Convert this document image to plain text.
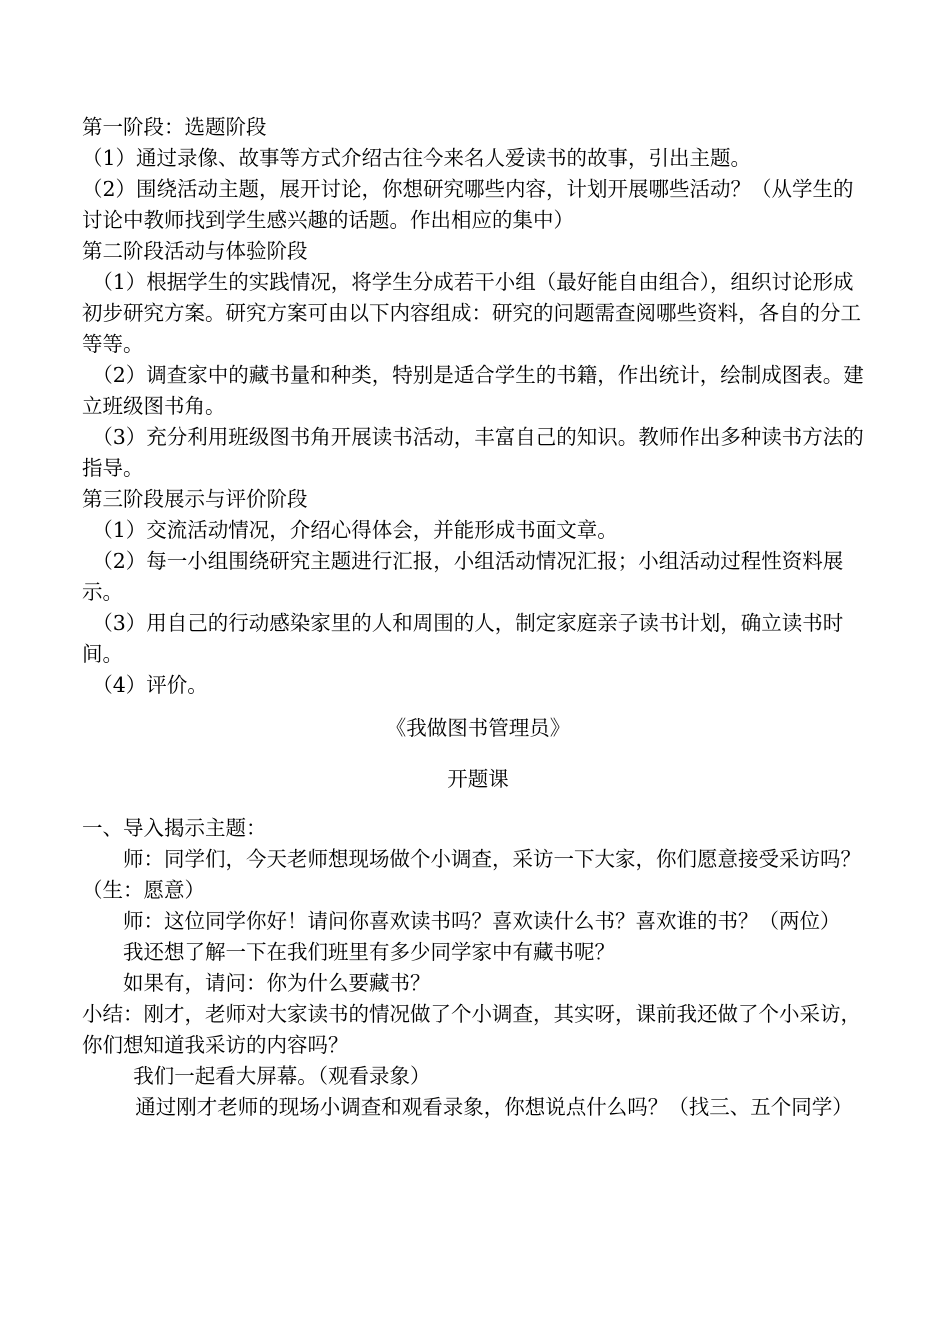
第一阶段：选题阶段

（1）通过录像、故事等方式介绍古往今来名人爱读书的故事，引出主题。

（2）围绕活动主题，展开讨论，你想研究哪些内容，计划开展哪些活动？（从学生的讨论中教师找到学生感兴趣的话题。作出相应的集中）

第二阶段活动与体验阶段

（1）根据学生的实践情况，将学生分成若干小组（最好能自由组合），组织讨论形成初步研究方案。研究方案可由以下内容组成：研究的问题需查阅哪些资料，各自的分工等等。

（2）调查家中的藏书量和种类，特别是适合学生的书籍，作出统计，绘制成图表。建立班级图书角。

（3）充分利用班级图书角开展读书活动，丰富自己的知识。教师作出多种读书方法的指导。

第三阶段展示与评价阶段

（1）交流活动情况，介绍心得体会，并能形成书面文章。

（2）每一小组围绕研究主题进行汇报，小组活动情况汇报；小组活动过程性资料展示。

（3）用自己的行动感染家里的人和周围的人，制定家庭亲子读书计划，确立读书时间。

（4）评价。

《我做图书管理员》

开题课

一、导入揭示主题：

师：同学们，今天老师想现场做个小调查，采访一下大家，你们愿意接受采访吗？（生：愿意）

师：这位同学你好！请问你喜欢读书吗？喜欢读什么书？喜欢谁的书？（两位）

我还想了解一下在我们班里有多少同学家中有藏书呢？

如果有，请问：你为什么要藏书？

小结：刚才，老师对大家读书的情况做了个小调查，其实呀，课前我还做了个小采访，你们想知道我采访的内容吗？

我们一起看大屏幕。（观看录象）

通过刚才老师的现场小调查和观看录象，你想说点什么吗？（找三、五个同学）
